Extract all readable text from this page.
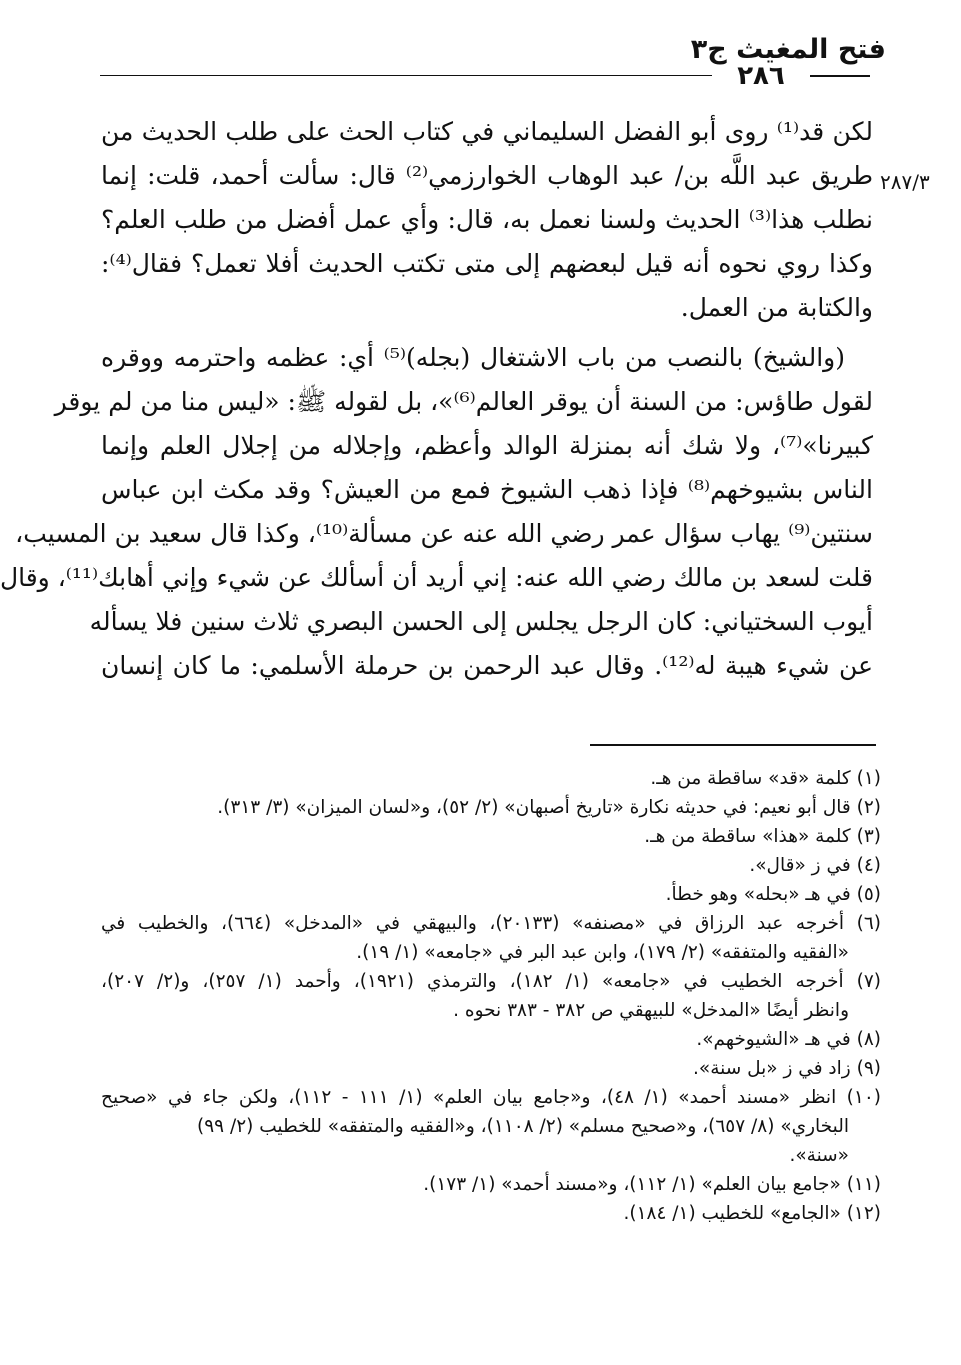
فتح المغيث ج٣
٢٨٦
٢٨٧/٣
لكن قد⁽¹⁾ روى أبو الفضل السليماني في كتاب الحث على طلب الحديث من
طريق عبد اللَّه بن/ عبد الوهاب الخوارزمي⁽²⁾ قال: سألت أحمد، قلت: إنما
نطلب هذا⁽³⁾ الحديث ولسنا نعمل به، قال: وأي عمل أفضل من طلب العلم؟
وكذا روي نحوه أنه قيل لبعضهم إلى متى تكتب الحديث أفلا تعمل؟ فقال⁽⁴⁾:
والكتابة من العمل.
(والشيخ) بالنصب من باب الاشتغال (بجله)⁽⁵⁾ أي: عظمه واحترمه ووقره
لقول طاؤس: من السنة أن يوقر العالم⁽⁶⁾»، بل لقوله ﷺ: «ليس منا من لم يوقر
كبيرنا»⁽⁷⁾، ولا شك أنه بمنزلة الوالد وأعظم، وإجلاله من إجلال العلم وإنما
الناس بشيوخهم⁽⁸⁾ فإذا ذهب الشيوخ فمع من العيش؟ وقد مكث ابن عباس
سنتين⁽⁹⁾ يهاب سؤال عمر رضي الله عنه عن مسألة⁽¹⁰⁾، وكذا قال سعيد بن المسيب،
قلت لسعد بن مالك رضي الله عنه: إني أريد أن أسألك عن شيء وإني أهابك⁽¹¹⁾، وقال
أيوب السختياني: كان الرجل يجلس إلى الحسن البصري ثلاث سنين فلا يسأله
عن شيء هيبة له⁽¹²⁾. وقال عبد الرحمن بن حرملة الأسلمي: ما كان إنسان
(١) كلمة «قد» ساقطة من هـ.
(٢) قال أبو نعيم: في حديثه نكارة «تاريخ أصبهان» (٢/ ٥٢)، و«لسان الميزان» (٣/ ٣١٣).
(٣) كلمة «هذا» ساقطة من هـ.
(٤) في ز «قال».
(٥) في هـ «بحله» وهو خطأ.
(٦) أخرجه عبد الرزاق في «مصنفه» (٢٠١٣٣)، والبيهقي في «المدخل» (٦٦٤)، والخطيب في
«الفقيه والمتفقه» (٢/ ١٧٩)، وابن عبد البر في «جامعه» (١/ ١٩).
(٧) أخرجه الخطيب في «جامعه» (١/ ١٨٢)، والترمذي (١٩٢١)، وأحمد (١/ ٢٥٧)، و(٢/ ٢٠٧)،
وانظر أيضًا «المدخل» للبيهقي ص ٣٨٢ - ٣٨٣ نحوه .
(٨) في هـ «الشيوخهم».
(٩) زاد في ز «بل سنة».
(١٠) انظر «مسند أحمد» (١/ ٤٨)، و«جامع بيان العلم» (١/ ١١١ - ١١٢)، ولكن جاء في «صحيح
البخاري» (٨/ ٦٥٧)، و«صحيح مسلم» (٢/ ١١٠٨)، و«الفقيه والمتفقه» للخطيب (٢/ ٩٩)
«سنة».
(١١) «جامع بيان العلم» (١/ ١١٢)، و«مسند أحمد» (١/ ١٧٣).
(١٢) «الجامع» للخطيب (١/ ١٨٤).
